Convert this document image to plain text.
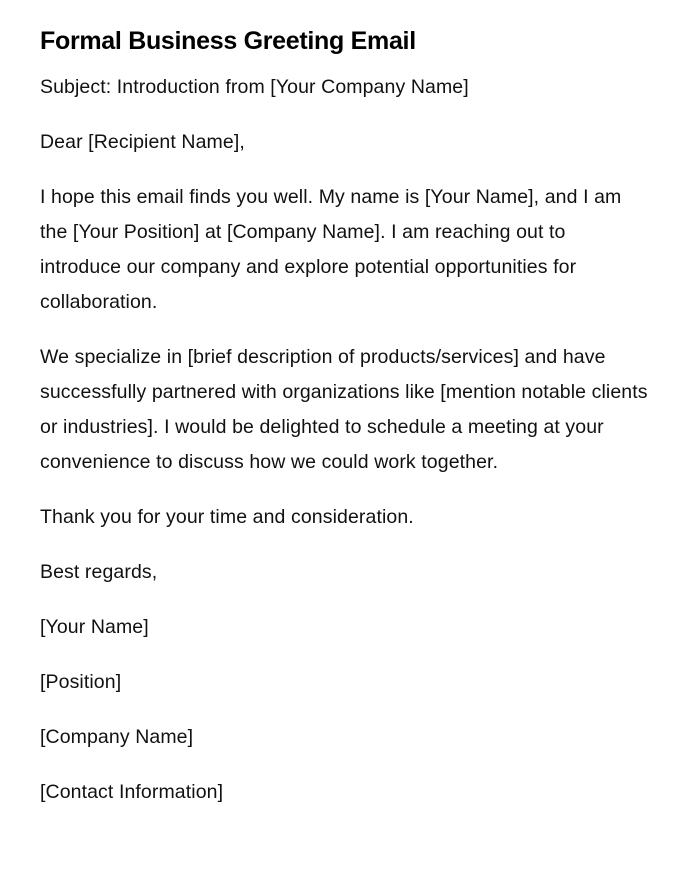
Formal Business Greeting Email

Subject: Introduction from [Your Company Name]

Dear [Recipient Name],

I hope this email finds you well. My name is [Your Name], and I am the [Your Position] at [Company Name]. I am reaching out to introduce our company and explore potential opportunities for collaboration.

We specialize in [brief description of products/services] and have successfully partnered with organizations like [mention notable clients or industries]. I would be delighted to schedule a meeting at your convenience to discuss how we could work together.

Thank you for your time and consideration.

Best regards,

[Your Name]

[Position]

[Company Name]

[Contact Information]
